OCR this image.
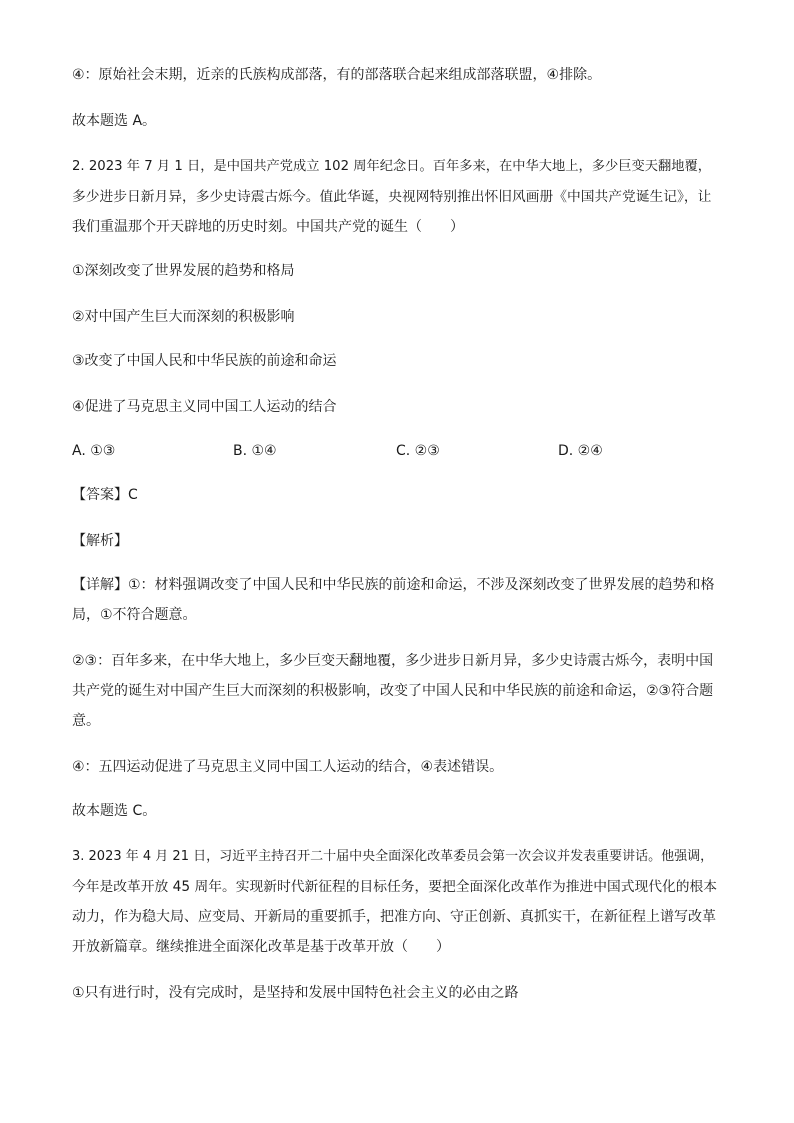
④：原始社会末期，近亲的氏族构成部落，有的部落联合起来组成部落联盟，④排除。

故本题选 A。

2. 2023 年 7 月 1 日，是中国共产党成立 102 周年纪念日。百年多来，在中华大地上，多少巨变天翻地覆，

多少进步日新月异，多少史诗震古烁今。值此华诞，央视网特别推出怀旧风画册《中国共产党诞生记》，让

我们重温那个开天辟地的历史时刻。中国共产党的诞生（　　）

①深刻改变了世界发展的趋势和格局

②对中国产生巨大而深刻的积极影响

③改变了中国人民和中华民族的前途和命运

④促进了马克思主义同中国工人运动的结合

A. ①③	B. ①④	C. ②③	D. ②④

【答案】C

【解析】

【详解】①：材料强调改变了中国人民和中华民族的前途和命运，不涉及深刻改变了世界发展的趋势和格

局，①不符合题意。

②③：百年多来，在中华大地上，多少巨变天翻地覆，多少进步日新月异，多少史诗震古烁今，表明中国

共产党的诞生对中国产生巨大而深刻的积极影响，改变了中国人民和中华民族的前途和命运，②③符合题

意。

④：五四运动促进了马克思主义同中国工人运动的结合，④表述错误。

故本题选 C。

3. 2023 年 4 月 21 日，习近平主持召开二十届中央全面深化改革委员会第一次会议并发表重要讲话。他强调，

今年是改革开放 45 周年。实现新时代新征程的目标任务，要把全面深化改革作为推进中国式现代化的根本

动力，作为稳大局、应变局、开新局的重要抓手，把准方向、守正创新、真抓实干，在新征程上谱写改革

开放新篇章。继续推进全面深化改革是基于改革开放（　　）

①只有进行时，没有完成时，是坚持和发展中国特色社会主义的必由之路
